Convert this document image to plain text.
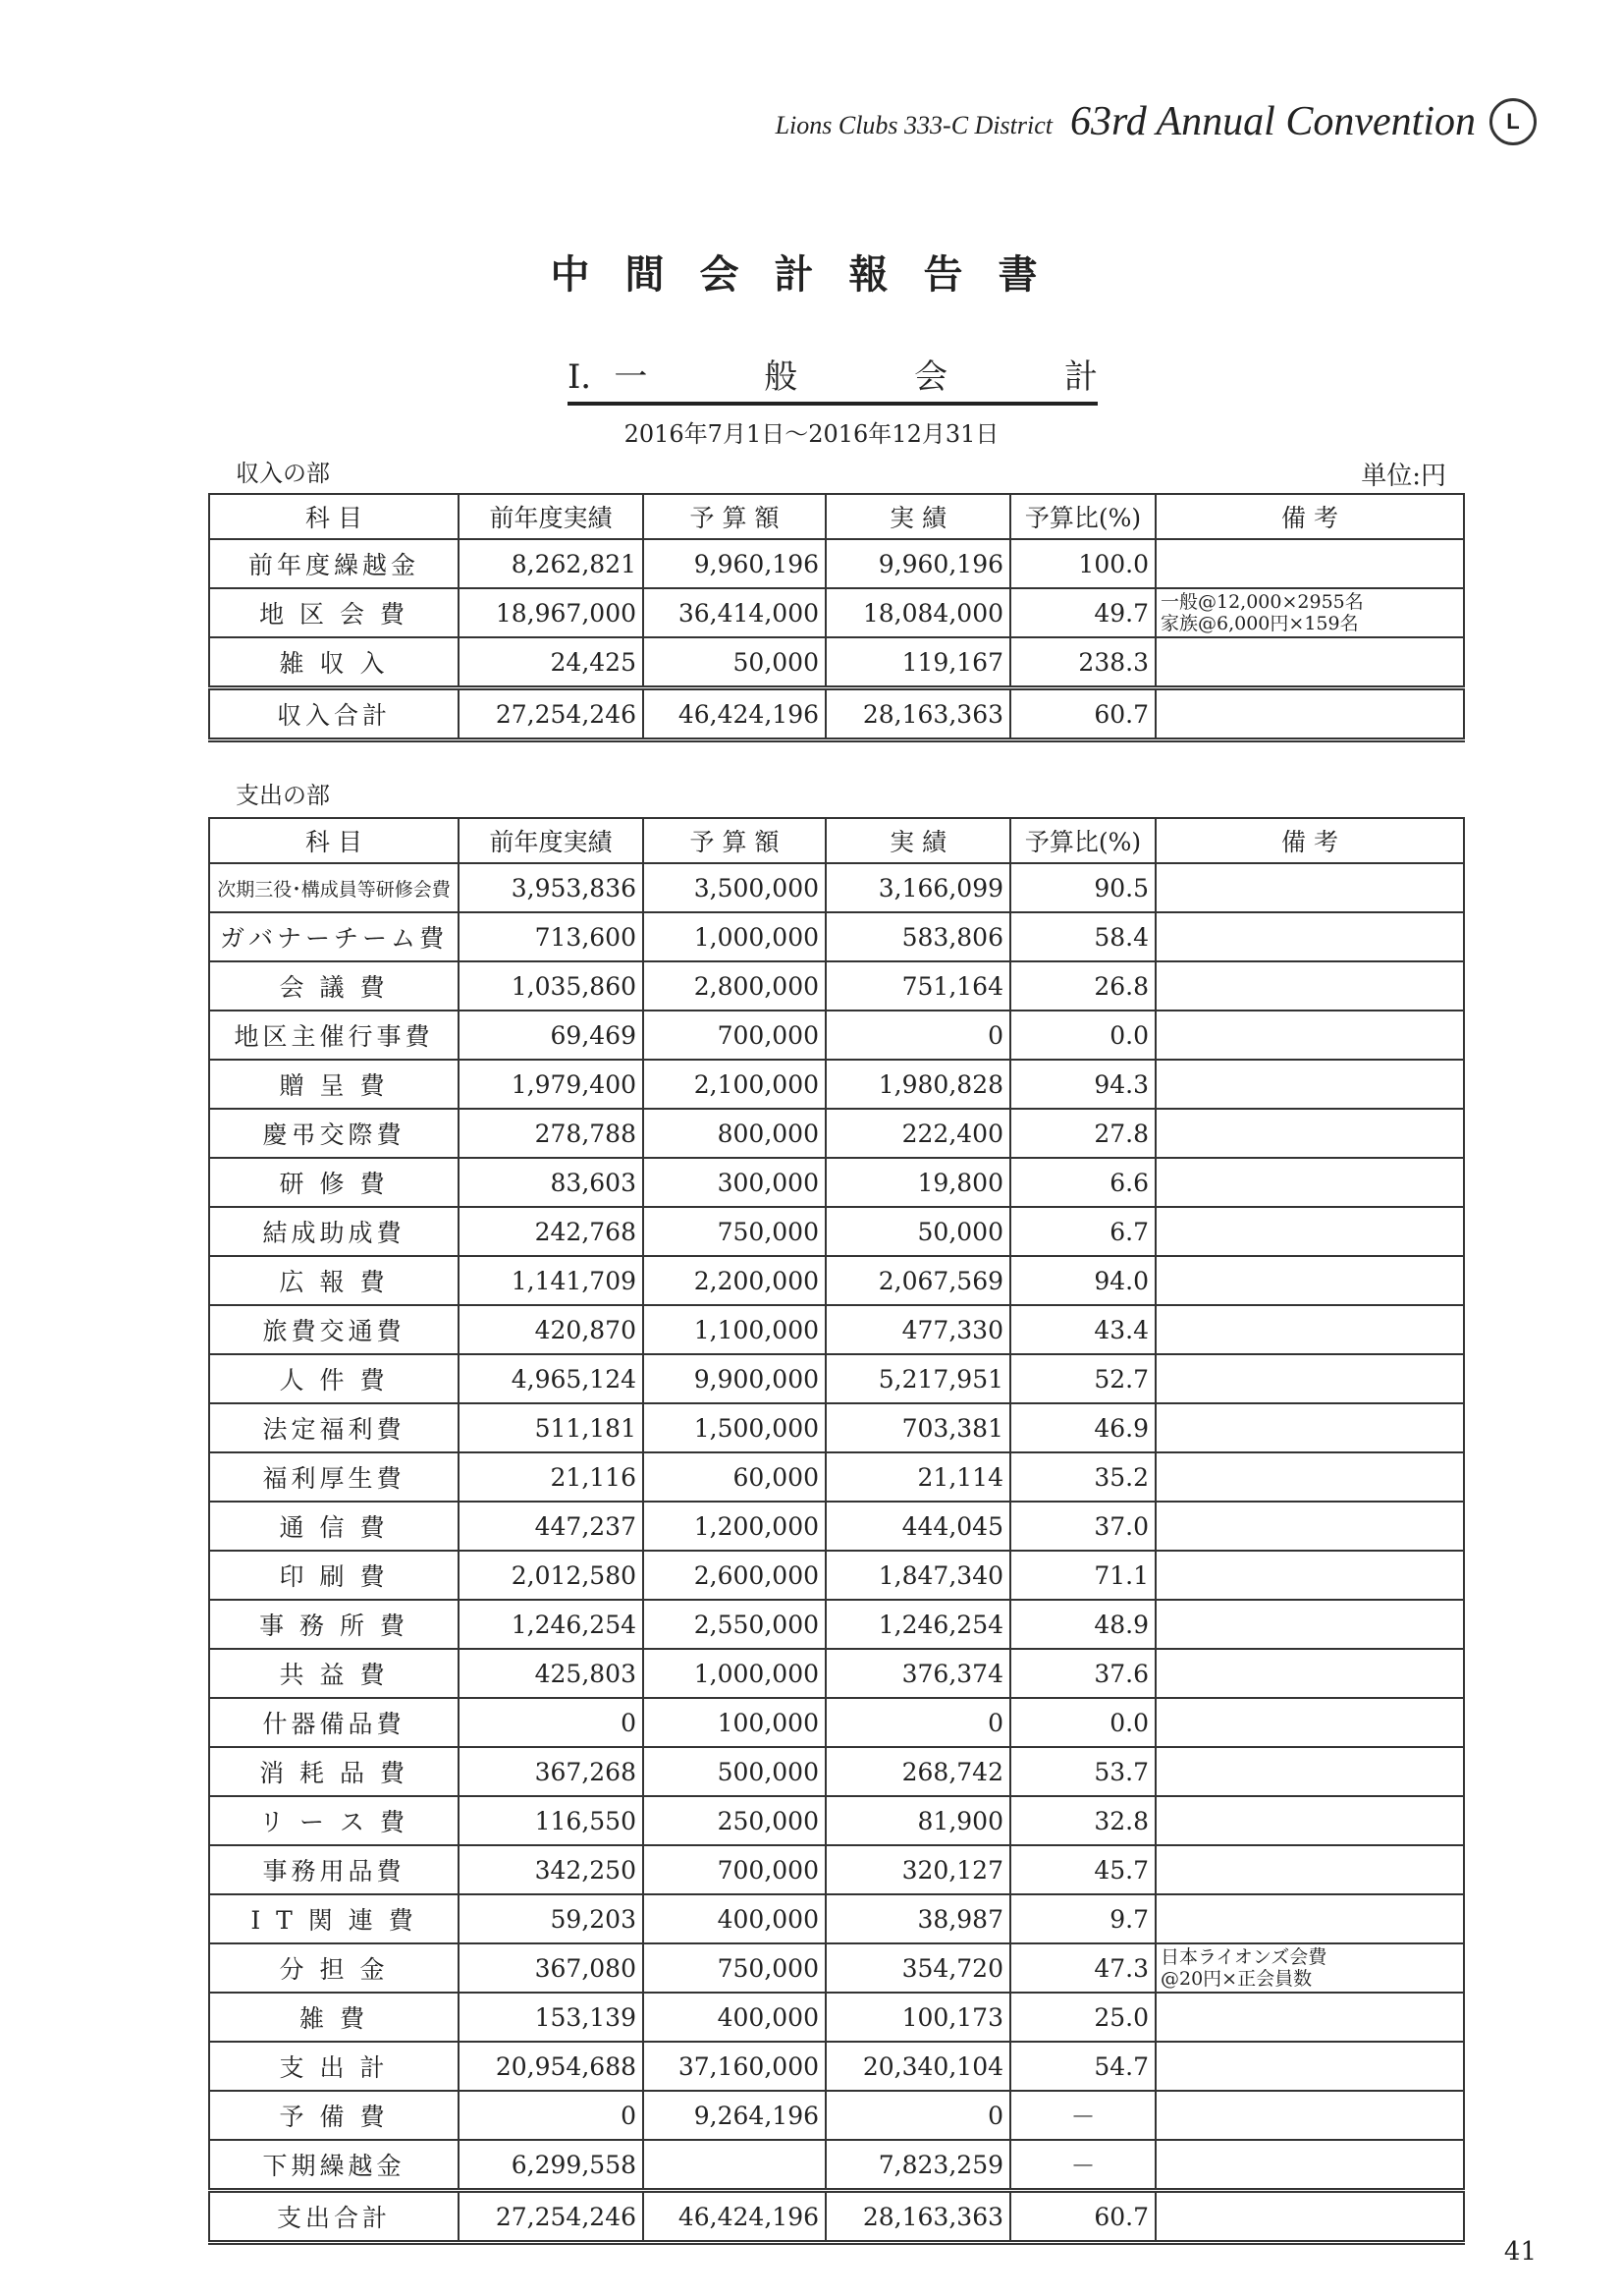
Lions Clubs 333-C District 63rd Annual Convention	L
中間会計報告書
Ⅰ．一	般	会	計
2016年7月1日～2016年12月31日
収入の部	単位:円
科 目	前年度実績	予 算 額	実 績	予算比(%)	備 考
前年度繰越金	8,262,821	9,960,196	9,960,196	100.0	
地 区 会 費	18,967,000	36,414,000	18,084,000	49.7	一般@12,000×2955名
家族@6,000円×159名
雑 収 入	24,425	50,000	119,167	238.3	
収入合計	27,254,246	46,424,196	28,163,363	60.7	
支出の部
科 目	前年度実績	予 算 額	実 績	予算比(%)	備 考
次期三役･構成員等研修会費	3,953,836	3,500,000	3,166,099	90.5	
ガバナーチーム費	713,600	1,000,000	583,806	58.4	
会 議 費	1,035,860	2,800,000	751,164	26.8	
地区主催行事費	69,469	700,000	0	0.0	
贈 呈 費	1,979,400	2,100,000	1,980,828	94.3	
慶弔交際費	278,788	800,000	222,400	27.8	
研 修 費	83,603	300,000	19,800	6.6	
結成助成費	242,768	750,000	50,000	6.7	
広 報 費	1,141,709	2,200,000	2,067,569	94.0	
旅費交通費	420,870	1,100,000	477,330	43.4	
人 件 費	4,965,124	9,900,000	5,217,951	52.7	
法定福利費	511,181	1,500,000	703,381	46.9	
福利厚生費	21,116	60,000	21,114	35.2	
通 信 費	447,237	1,200,000	444,045	37.0	
印 刷 費	2,012,580	2,600,000	1,847,340	71.1	
事 務 所 費	1,246,254	2,550,000	1,246,254	48.9	
共 益 費	425,803	1,000,000	376,374	37.6	
什器備品費	0	100,000	0	0.0	
消 耗 品 費	367,268	500,000	268,742	53.7	
リ ー ス 費	116,550	250,000	81,900	32.8	
事務用品費	342,250	700,000	320,127	45.7	
I T 関 連 費	59,203	400,000	38,987	9.7	
分 担 金	367,080	750,000	354,720	47.3	日本ライオンズ会費
@20円×正会員数
雑 費	153,139	400,000	100,173	25.0	
支 出 計	20,954,688	37,160,000	20,340,104	54.7	
予 備 費	0	9,264,196	0	－	
下期繰越金	6,299,558		7,823,259	－	
支出合計	27,254,246	46,424,196	28,163,363	60.7	
41
